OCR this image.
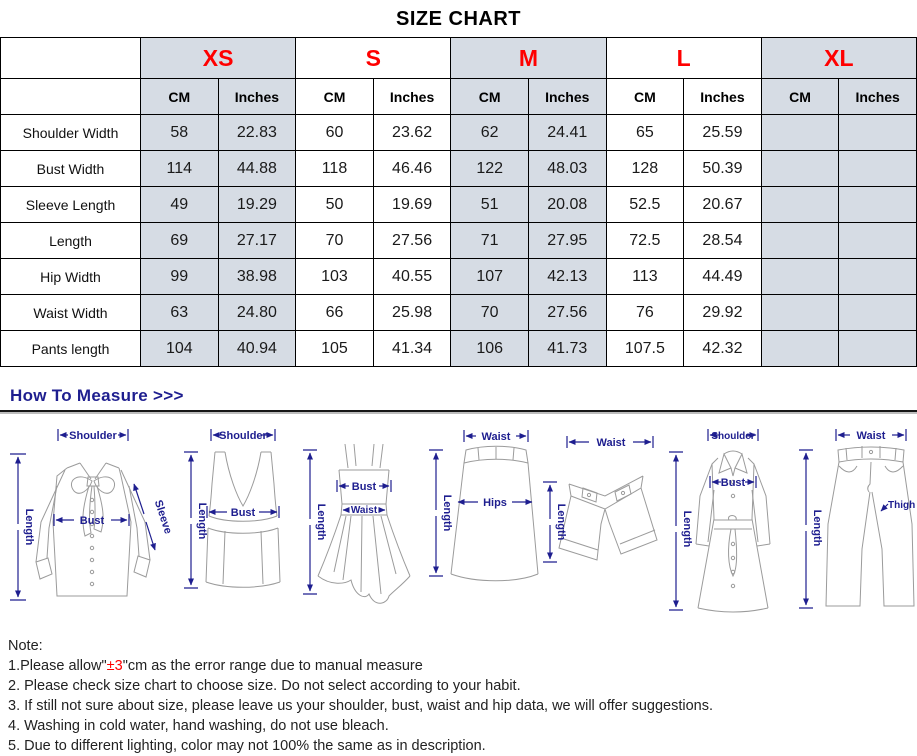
SIZE CHART
	XS		S		M		L		XL	
	CM	Inches	CM	Inches	CM	Inches	CM	Inches	CM	Inches
Shoulder Width	58	22.83	60	23.62	62	24.41	65	25.59		
Bust Width	114	44.88	118	46.46	122	48.03	128	50.39		
Sleeve Length	49	19.29	50	19.69	51	20.08	52.5	20.67		
Length	69	27.17	70	27.56	71	27.95	72.5	28.54		
Hip Width	99	38.98	103	40.55	107	42.13	113	44.49		
Waist Width	63	24.80	66	25.98	70	27.56	76	29.92		
Pants length	104	40.94	105	41.34	106	41.73	107.5	42.32		
How To Measure >>>
Shoulder
Bust	Sleeve
Length
Shoulder
Bust
Length
Bust
Waist
Length
Waist
Hips
Length
Waist
Length
Shoulder
Bust
Length
Waist
Thigh
Length
Note:
1.Please allow"±3"cm as the error range due to manual measure
2. Please check size chart to choose size. Do not select according to your habit.
3. If still not sure about size, please leave us your shoulder, bust, waist and hip data, we will offer suggestions.
4. Washing in cold water, hand washing, do not use bleach.
5. Due to different lighting, color may not 100% the same as in description.
